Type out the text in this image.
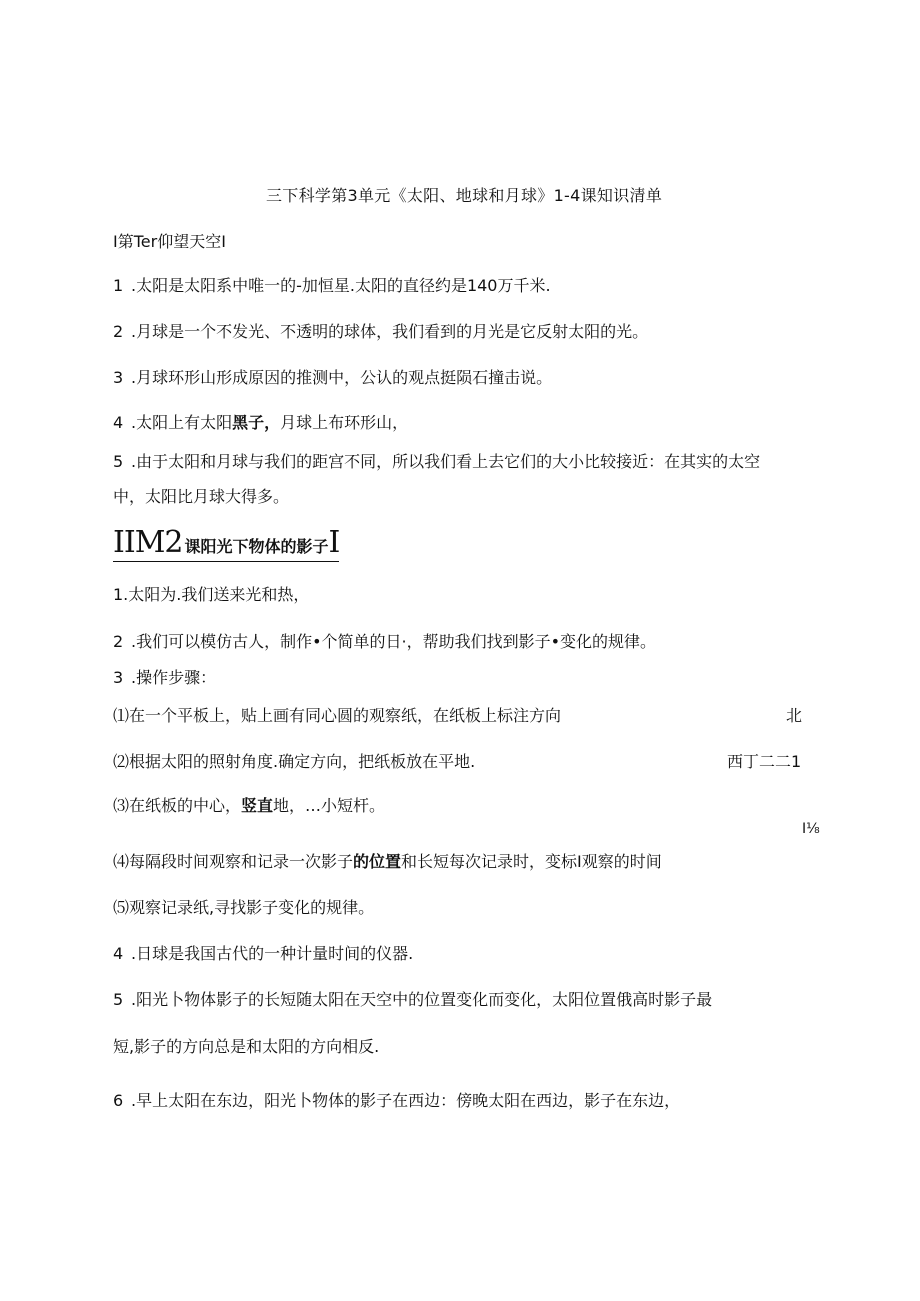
三下科学第3单元《太阳、地球和月球》1-4课知识清单
I第Ter仰望天空I
1 .太阳是太阳系中唯一的-加恒星.太阳的直径约是140万千米.
2 .月球是一个不发光、不透明的球体，我们看到的月光是它反射太阳的光。
3 .月球环形山形成原因的推测中，公认的观点挺陨石撞击说。
4 .太阳上有太阳黑子，月球上布环形山，
5 .由于太阳和月球与我们的距宫不同，所以我们看上去它们的大小比较接近：在其实的太空
中，太阳比月球大得多。
IIM2 课阳光下物体的影子I
1.太阳为.我们送来光和热，
2 .我们可以模仿古人，制作•个简单的日·，帮助我们找到影子•变化的规律。
3 .操作步骤：
⑴在一个平板上，贴上画有同心圆的观察纸，在纸板上标注方向	北
⑵根据太阳的照射角度.确定方向，把纸板放在平地.	西丁二二1
⑶在纸板的中心，竖直地，…小短杆。
I⅛
⑷每隔段时间观察和记录一次影子的位置和长短每次记录时，变标I观察的时间
⑸观察记录纸,寻找影子变化的规律。
4 .日球是我国古代的一种计量时间的仪器.
5 .阳光卜物体影子的长短随太阳在天空中的位置变化而变化，太阳位置俄高时影子最
短,影子的方向总是和太阳的方向相反.
6 .早上太阳在东边，阳光卜物体的影子在西边：傍晚太阳在西边，影子在东边，
